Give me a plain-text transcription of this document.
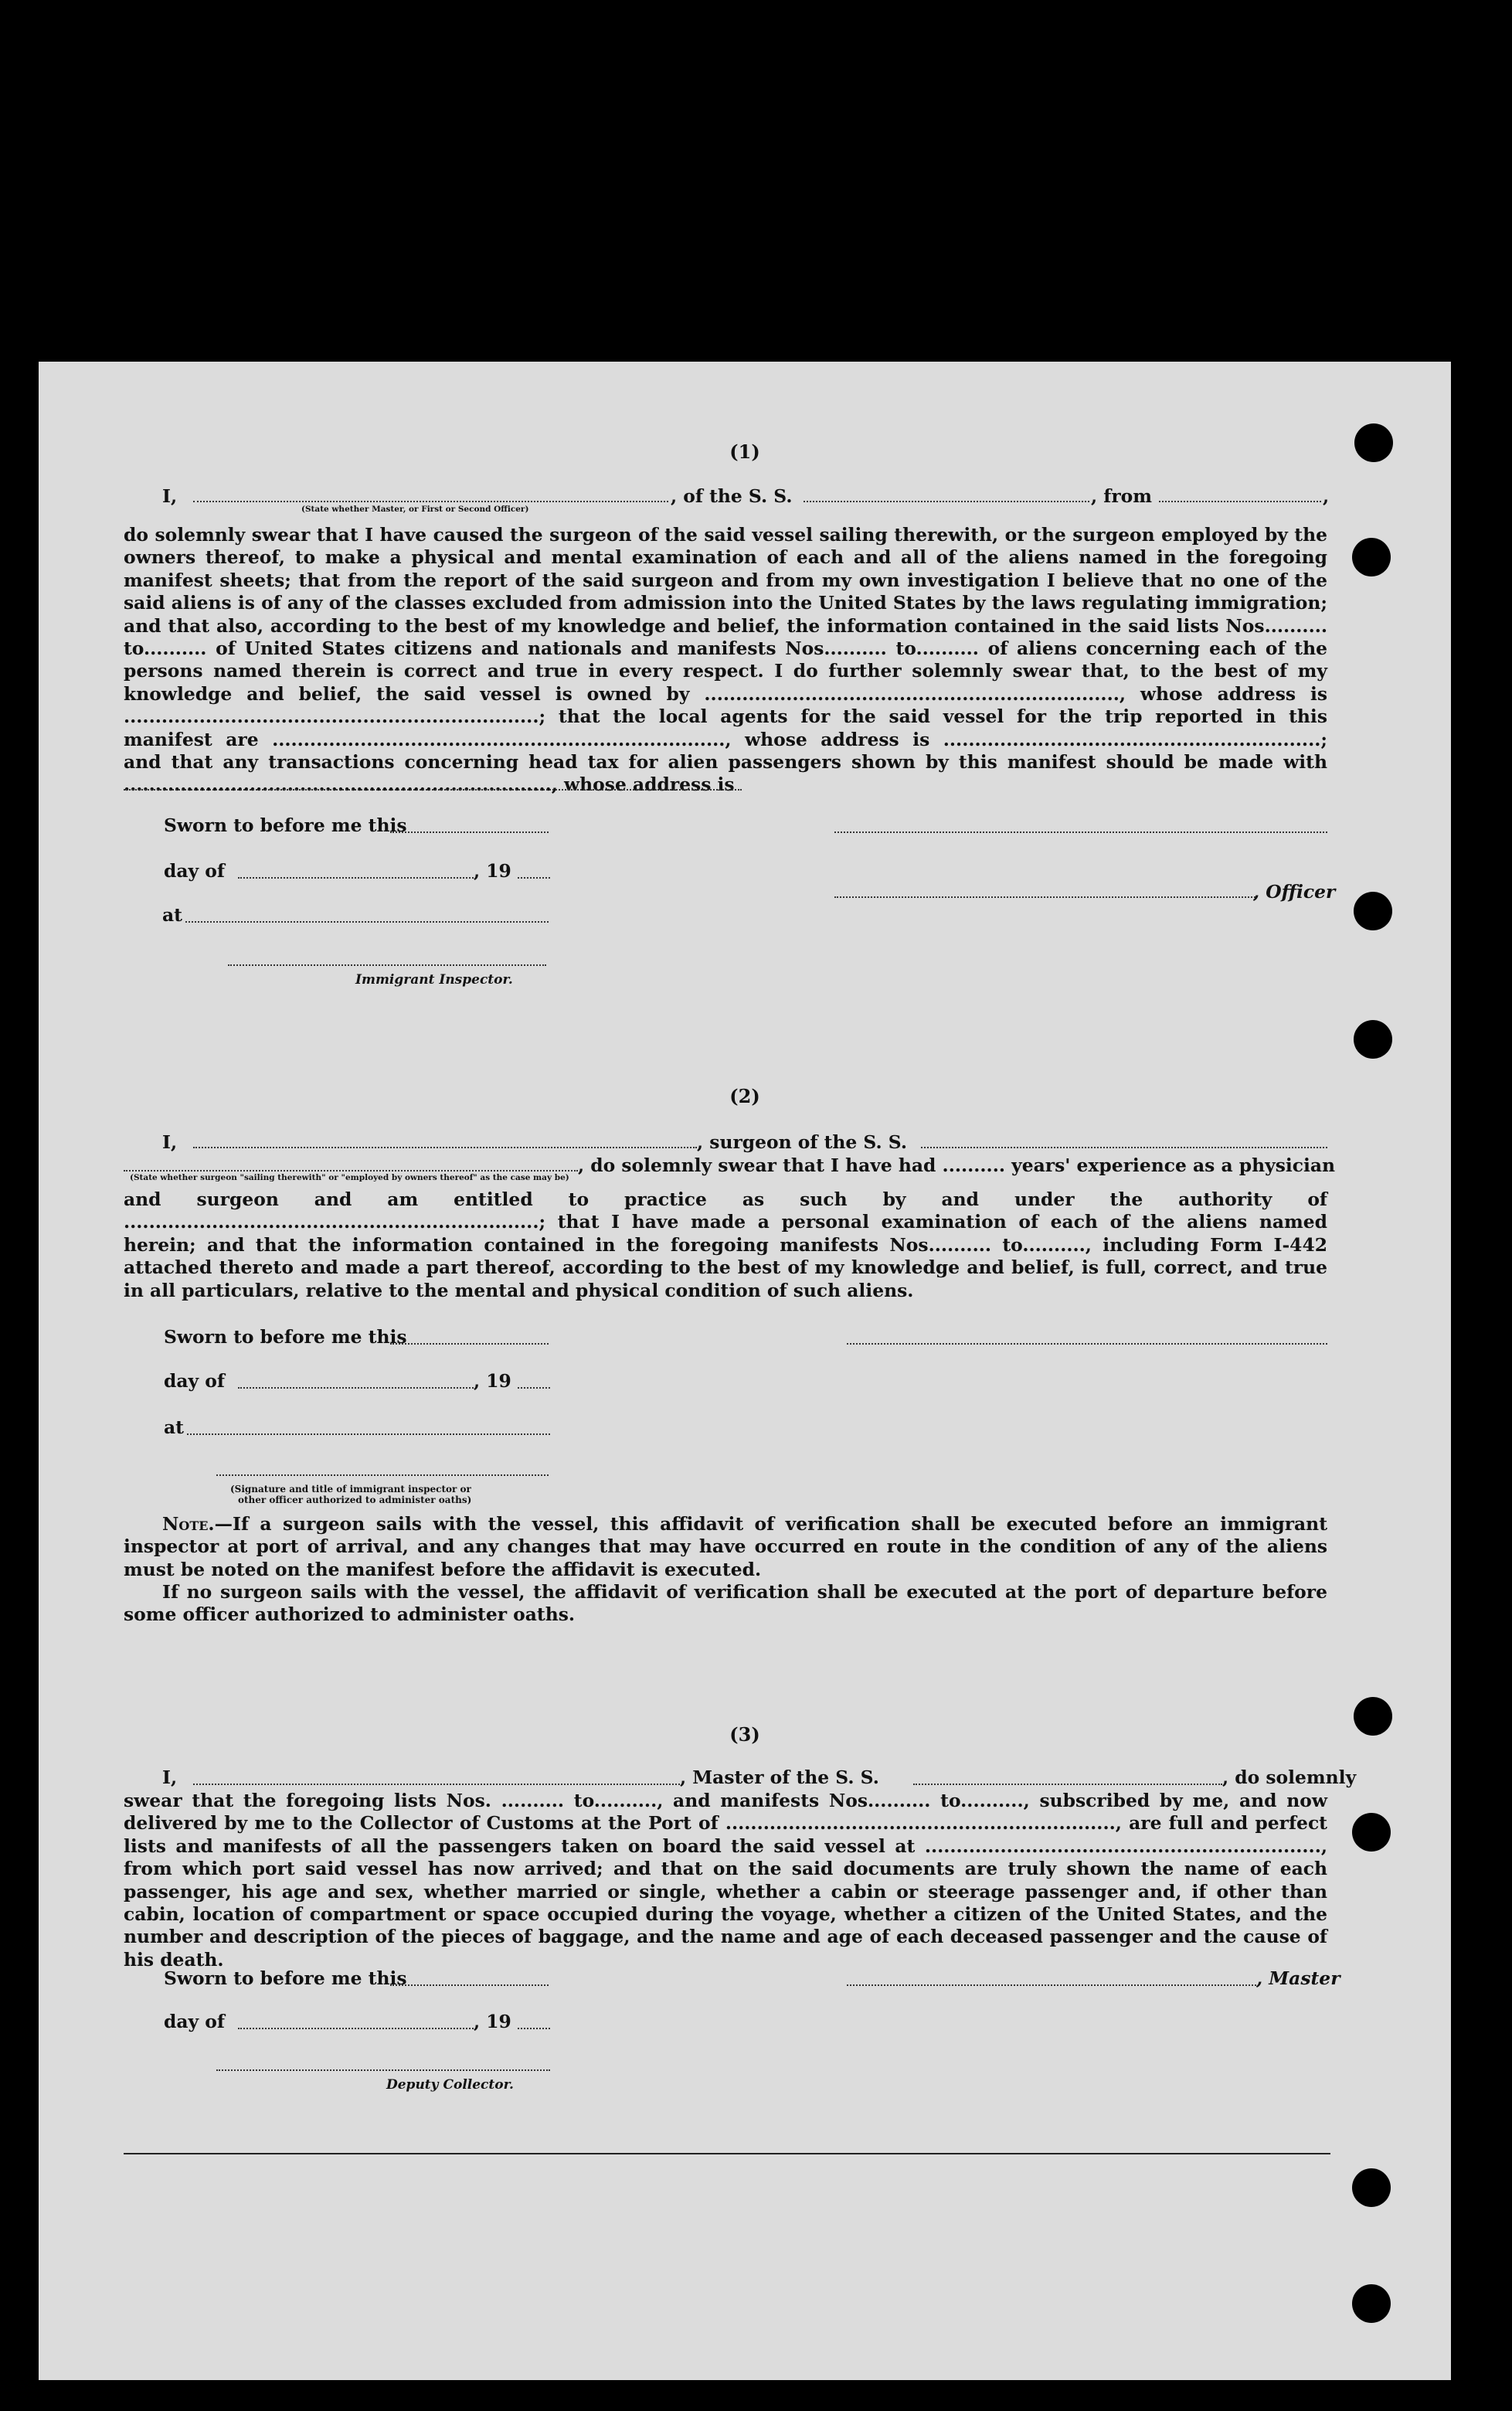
(1)
I,	, of the S. S.	, from	,
(State whether Master, or First or Second Officer)
do solemnly swear that I have caused the surgeon of the said vessel sailing therewith, or the surgeon employed by the owners thereof, to make a physical and mental examination of each and all of the aliens named in the foregoing manifest sheets; that from the report of the said surgeon and from my own investigation I believe that no one of the said aliens is of any of the classes excluded from admission into the United States by the laws regulating immigration; and that also, according to the best of my knowledge and belief, the information contained in the said lists Nos.......... to.......... of United States citizens and nationals and manifests Nos.......... to.......... of aliens concerning each of the persons named therein is correct and true in every respect. I do further solemnly swear that, to the best of my knowledge and belief, the said vessel is owned by .................................................................., whose address is ..................................................................; that the local agents for the said vessel for the trip reported in this manifest are ........................................................................, whose address is ............................................................; and that any transactions concerning head tax for alien passengers shown by this manifest should be made with ...................................................................., whose address is
Sworn to before me this
day of	, 19
, Officer
at
Immigrant Inspector.
(2)
I,	, surgeon of the S. S.
, do solemnly swear that I have had .......... years' experience as a physician
(State whether surgeon "sailing therewith" or "employed by owners thereof" as the case may be)
and surgeon and am entitled to practice as such by and under the authority of ..................................................................; that I have made a personal examination of each of the aliens named herein; and that the information contained in the foregoing manifests Nos.......... to.........., including Form I-442 attached thereto and made a part thereof, according to the best of my knowledge and belief, is full, correct, and true in all particulars, relative to the mental and physical condition of such aliens.
Sworn to before me this
day of	, 19
at
(Signature and title of immigrant inspector or
other officer authorized to administer oaths)
Note.—If a surgeon sails with the vessel, this affidavit of verification shall be executed before an immigrant inspector at port of arrival, and any changes that may have occurred en route in the condition of any of the aliens must be noted on the manifest before the affidavit is executed.
If no surgeon sails with the vessel, the affidavit of verification shall be executed at the port of departure before some officer authorized to administer oaths.
(3)
I,	, Master of the S. S.	, do solemnly
swear that the foregoing lists Nos. .......... to.........., and manifests Nos.......... to.........., subscribed by me, and now delivered by me to the Collector of Customs at the Port of .............................................................., are full and perfect lists and manifests of all the passengers taken on board the said vessel at ..............................................................., from which port said vessel has now arrived; and that on the said documents are truly shown the name of each passenger, his age and sex, whether married or single, whether a cabin or steerage passenger and, if other than cabin, location of compartment or space occupied during the voyage, whether a citizen of the United States, and the number and description of the pieces of baggage, and the name and age of each deceased passenger and the cause of his death.
Sworn to before me this	, Master
day of	, 19
Deputy Collector.
